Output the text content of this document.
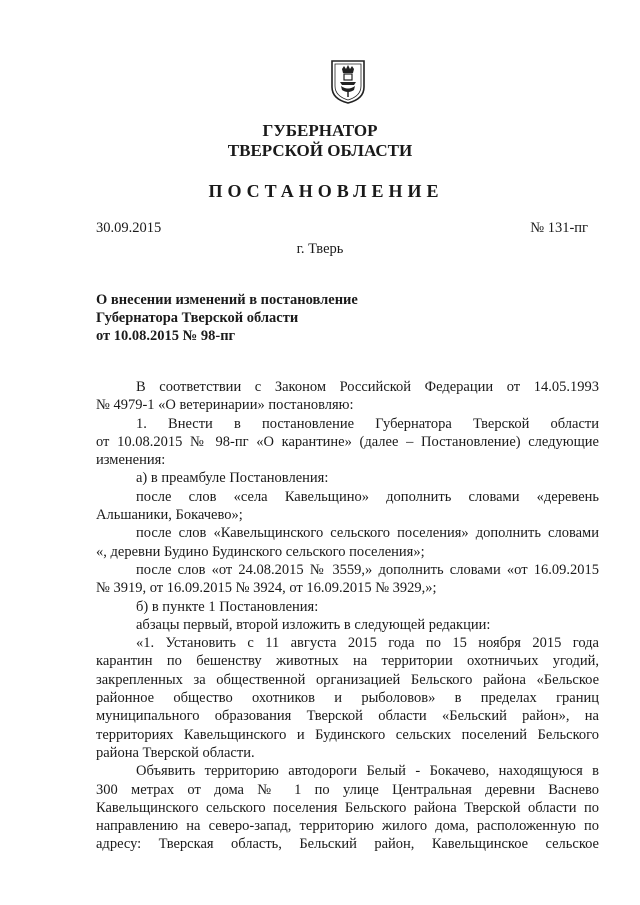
ГУБЕРНАТОР
ТВЕРСКОЙ ОБЛАСТИ
ПОСТАНОВЛЕНИЕ
30.09.2015	№ 131-пг
г. Тверь
О внесении изменений в постановление
Губернатора Тверской области
от 10.08.2015 № 98-пг
В соответствии с Законом Российской Федерации от 14.05.1993
№ 4979-1 «О ветеринарии» постановляю:
1. Внести в постановление Губернатора Тверской области
от 10.08.2015 № 98-пг «О карантине» (далее – Постановление) следующие
изменения:
а) в преамбуле Постановления:
после слов «села Кавельщино» дополнить словами «деревень
Альшаники, Бокачево»;
после слов «Кавельщинского сельского поселения» дополнить словами
«, деревни Будино Будинского сельского поселения»;
после слов «от 24.08.2015 № 3559,» дополнить словами «от 16.09.2015
№ 3919, от 16.09.2015 № 3924, от 16.09.2015 № 3929,»;
б) в пункте 1 Постановления:
абзацы первый, второй изложить в следующей редакции:
«1. Установить с 11 августа 2015 года по 15 ноября 2015 года
карантин по бешенству животных на территории охотничьих угодий,
закрепленных за общественной организацией Бельского района «Бельское
районное общество охотников и рыболовов» в пределах границ
муниципального образования Тверской области «Бельский район», на
территориях Кавельщинского и Будинского сельских поселений Бельского
района Тверской области.
Объявить территорию автодороги Белый - Бокачево, находящуюся в
300 метрах от дома № 1 по улице Центральная деревни Васнево
Кавельщинского сельского поселения Бельского района Тверской области по
направлению на северо-запад, территорию жилого дома, расположенную по
адресу: Тверская область, Бельский район, Кавельщинское сельское
